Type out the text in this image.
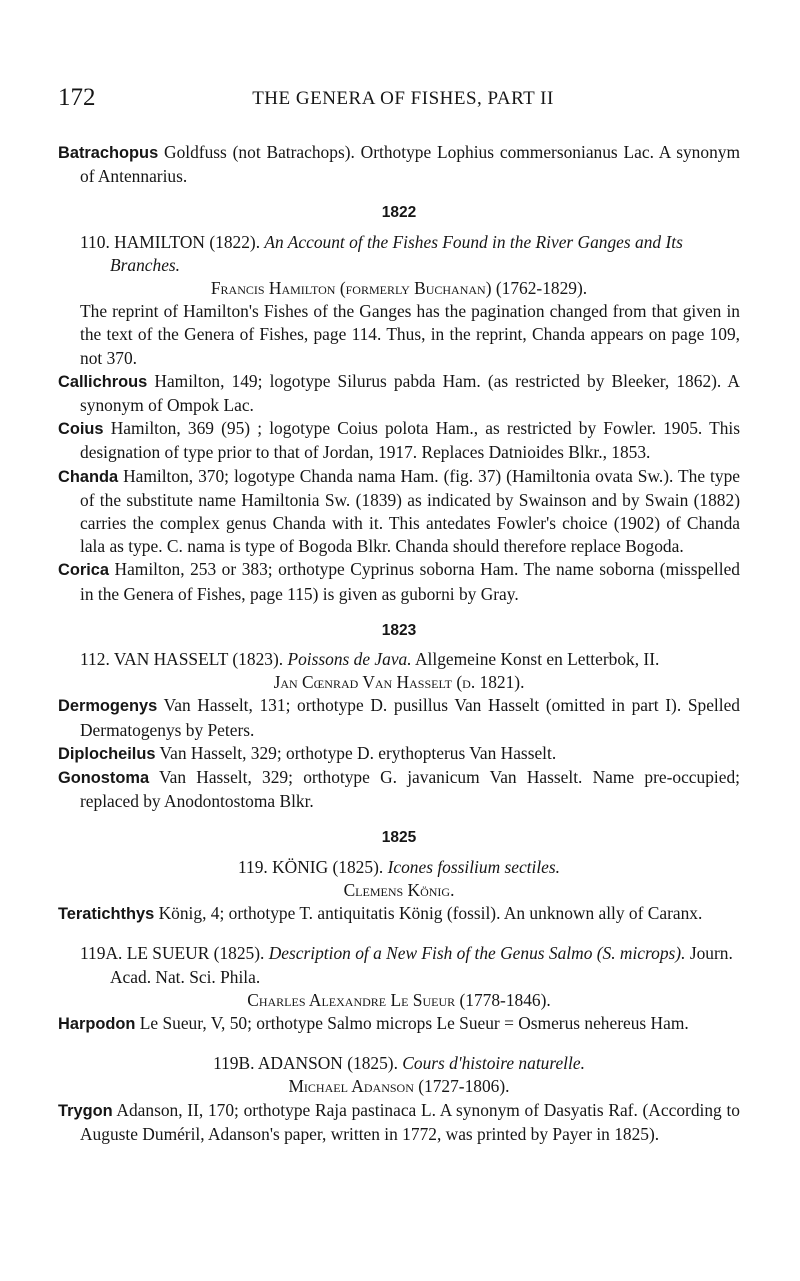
172	THE GENERA OF FISHES, PART II

Batrachopus Goldfuss (not Batrachops). Orthotype Lophius commersonianus Lac. A synonym of Antennarius.

1822
110. HAMILTON (1822). An Account of the Fishes Found in the River Ganges and Its Branches.
Francis Hamilton (formerly Buchanan) (1762-1829).

The reprint of Hamilton's Fishes of the Ganges has the pagination changed from that given in the text of the Genera of Fishes, page 114. Thus, in the reprint, Chanda appears on page 109, not 370.

Callichrous Hamilton, 149; logotype Silurus pabda Ham. (as restricted by Bleeker, 1862). A synonym of Ompok Lac.

Coius Hamilton, 369 (95) ; logotype Coius polota Ham., as restricted by Fowler. 1905. This designation of type prior to that of Jordan, 1917. Replaces Datnioides Blkr., 1853.

Chanda Hamilton, 370; logotype Chanda nama Ham. (fig. 37) (Hamiltonia ovata Sw.). The type of the substitute name Hamiltonia Sw. (1839) as indicated by Swainson and by Swain (1882) carries the complex genus Chanda with it. This antedates Fowler's choice (1902) of Chanda lala as type. C. nama is type of Bogoda Blkr. Chanda should therefore replace Bogoda.

Corica Hamilton, 253 or 383; orthotype Cyprinus soborna Ham. The name soborna (misspelled in the Genera of Fishes, page 115) is given as guborni by Gray.

1823
112. VAN HASSELT (1823). Poissons de Java. Allgemeine Konst en Letterbok, II.
Jan Cœnrad Van Hasselt (d. 1821).

Dermogenys Van Hasselt, 131; orthotype D. pusillus Van Hasselt (omitted in part I). Spelled Dermatogenys by Peters.

Diplocheilus Van Hasselt, 329; orthotype D. erythopterus Van Hasselt.

Gonostoma Van Hasselt, 329; orthotype G. javanicum Van Hasselt. Name pre-occupied; replaced by Anodontostoma Blkr.

1825
119. KÖNIG (1825). Icones fossilium sectiles.
Clemens König.

Teratichthys König, 4; orthotype T. antiquitatis König (fossil). An unknown ally of Caranx.

119A. LE SUEUR (1825). Description of a New Fish of the Genus Salmo (S. microps). Journ. Acad. Nat. Sci. Phila.
Charles Alexandre Le Sueur (1778-1846).

Harpodon Le Sueur, V, 50; orthotype Salmo microps Le Sueur = Osmerus nehereus Ham.

119B. ADANSON (1825). Cours d'histoire naturelle.
Michael Adanson (1727-1806).

Trygon Adanson, II, 170; orthotype Raja pastinaca L. A synonym of Dasyatis Raf. (According to Auguste Duméril, Adanson's paper, written in 1772, was printed by Payer in 1825).
